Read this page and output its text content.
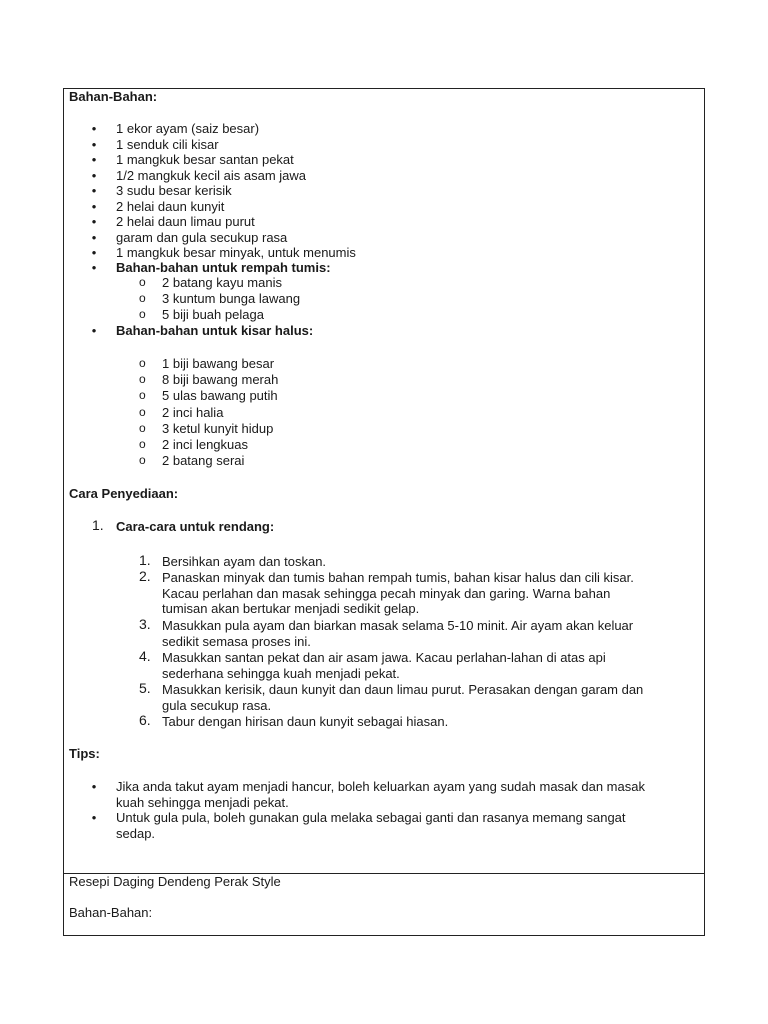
Bahan-Bahan:
• 1 ekor ayam (saiz besar)
• 1 senduk cili kisar
• 1 mangkuk besar santan pekat
• 1/2 mangkuk kecil ais asam jawa
• 3 sudu besar kerisik
• 2 helai daun kunyit
• 2 helai daun limau purut
• garam dan gula secukup rasa
• 1 mangkuk besar minyak, untuk menumis
• Bahan-bahan untuk rempah tumis:
o 2 batang kayu manis
o 3 kuntum bunga lawang
o 5 biji buah pelaga
• Bahan-bahan untuk kisar halus:
o 1 biji bawang besar
o 8 biji bawang merah
o 5 ulas bawang putih
o 2 inci halia
o 3 ketul kunyit hidup
o 2 inci lengkuas
o 2 batang serai
Cara Penyediaan:
1. Cara-cara untuk rendang:
1. Bersihkan ayam dan toskan.
2. Panaskan minyak dan tumis bahan rempah tumis, bahan kisar halus dan cili kisar.
Kacau perlahan dan masak sehingga pecah minyak dan garing. Warna bahan
tumisan akan bertukar menjadi sedikit gelap.
3. Masukkan pula ayam dan biarkan masak selama 5-10 minit. Air ayam akan keluar
sedikit semasa proses ini.
4. Masukkan santan pekat dan air asam jawa. Kacau perlahan-lahan di atas api
sederhana sehingga kuah menjadi pekat.
5. Masukkan kerisik, daun kunyit dan daun limau purut. Perasakan dengan garam dan
gula secukup rasa.
6. Tabur dengan hirisan daun kunyit sebagai hiasan.
Tips:
• Jika anda takut ayam menjadi hancur, boleh keluarkan ayam yang sudah masak dan masak
kuah sehingga menjadi pekat.
• Untuk gula pula, boleh gunakan gula melaka sebagai ganti dan rasanya memang sangat
sedap.
Resepi Daging Dendeng Perak Style
Bahan-Bahan:
